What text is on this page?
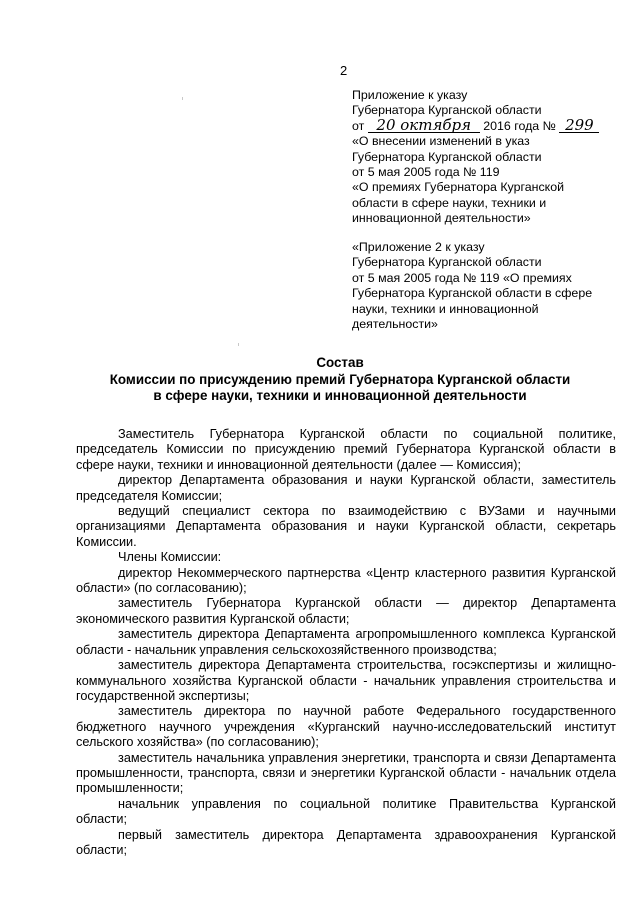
2
Приложение к указу
Губернатора Курганской области
от 20 октября 2016 года № 299
«О внесении изменений в указ
Губернатора Курганской области
от 5 мая 2005 года № 119
«О премиях Губернатора Курганской
области в сфере науки, техники и
инновационной деятельности»
«Приложение 2 к указу
Губернатора Курганской области
от 5 мая 2005 года № 119 «О премиях
Губернатора Курганской области в сфере
науки, техники и инновационной
деятельности»
Состав
Комиссии по присуждению премий Губернатора Курганской области
в сфере науки, техники и инновационной деятельности

Заместитель Губернатора Курганской области по социальной политике, председатель Комиссии по присуждению премий Губернатора Курганской области в сфере науки, техники и инновационной деятельности (далее — Комиссия);

директор Департамента образования и науки Курганской области, заместитель председателя Комиссии;

ведущий специалист сектора по взаимодействию с ВУЗами и научными организациями Департамента образования и науки Курганской области, секретарь Комиссии.

Члены Комиссии:

директор Некоммерческого партнерства «Центр кластерного развития Курганской области» (по согласованию);

заместитель Губернатора Курганской области — директор Департамента экономического развития Курганской области;

заместитель директора Департамента агропромышленного комплекса Курганской области - начальник управления сельскохозяйственного производства;

заместитель директора Департамента строительства, госэкспертизы и жилищно-коммунального хозяйства Курганской области - начальник управления строительства и государственной экспертизы;

заместитель директора по научной работе Федерального государственного бюджетного научного учреждения «Курганский научно-исследовательский институт сельского хозяйства» (по согласованию);

заместитель начальника управления энергетики, транспорта и связи Департамента промышленности, транспорта, связи и энергетики Курганской области - начальник отдела промышленности;

начальник управления по социальной политике Правительства Курганской области;

первый заместитель директора Департамента здравоохранения Курганской области;
